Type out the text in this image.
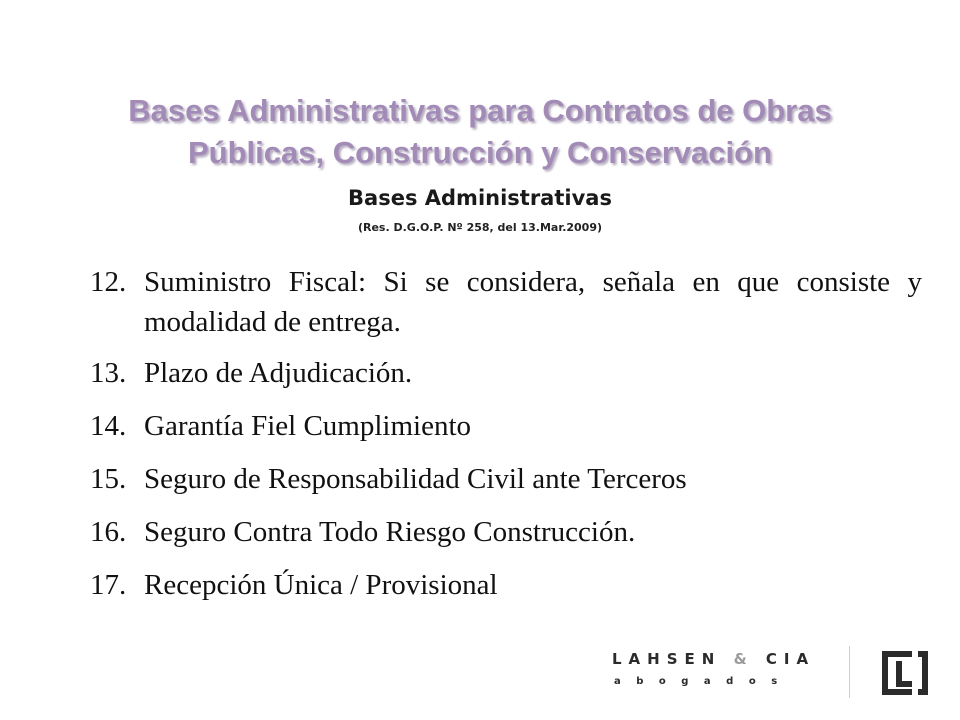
Bases Administrativas para Contratos de Obras
Públicas, Construcción y Conservación
Bases Administrativas
(Res. D.G.O.P. Nº 258, del 13.Mar.2009)
12. Suministro Fiscal: Si se considera, señala en que consiste y modalidad de entrega.
13. Plazo de Adjudicación.
14. Garantía Fiel Cumplimiento
15. Seguro de Responsabilidad Civil ante Terceros
16. Seguro Contra Todo Riesgo Construcción.
17. Recepción Única / Provisional
LAHSEN & CIA
abogados
